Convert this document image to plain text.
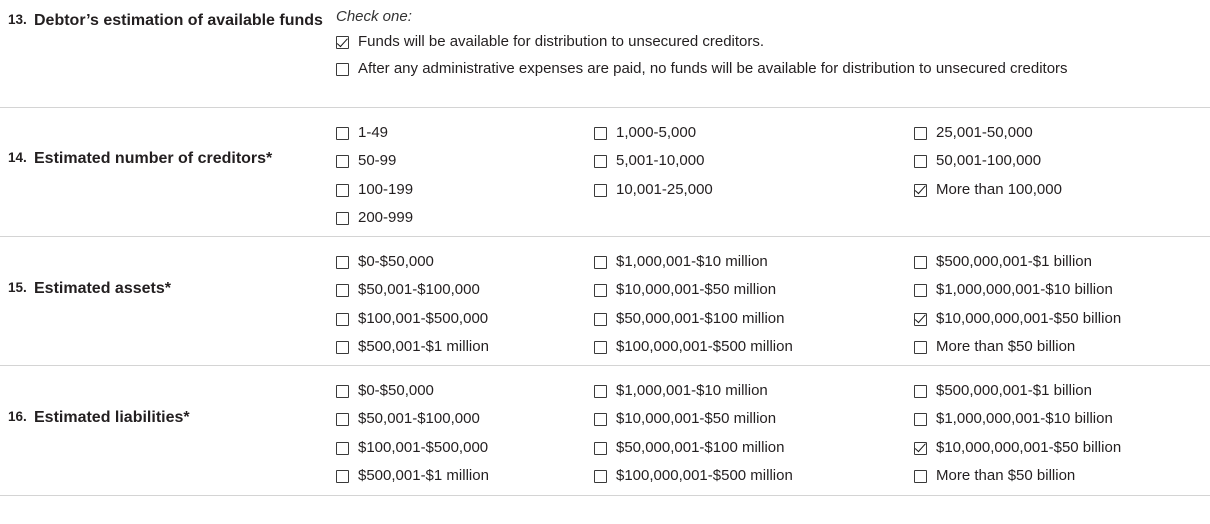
13. Debtor’s estimation of available funds Check one:
Funds will be available for distribution to unsecured creditors.
After any administrative expenses are paid, no funds will be available for distribution to unsecured creditors
14. Estimated number of creditors*
1-49
50-99
100-199
200-999
1,000-5,000
5,001-10,000
10,001-25,000
25,001-50,000
50,001-100,000
More than 100,000
15. Estimated assets*
$0-$50,000
$50,001-$100,000
$100,001-$500,000
$500,001-$1 million
$1,000,001-$10 million
$10,000,001-$50 million
$50,000,001-$100 million
$100,000,001-$500 million
$500,000,001-$1 billion
$1,000,000,001-$10 billion
$10,000,000,001-$50 billion
More than $50 billion
16. Estimated liabilities*
$0-$50,000
$50,001-$100,000
$100,001-$500,000
$500,001-$1 million
$1,000,001-$10 million
$10,000,001-$50 million
$50,000,001-$100 million
$100,000,001-$500 million
$500,000,001-$1 billion
$1,000,000,001-$10 billion
$10,000,000,001-$50 billion
More than $50 billion
